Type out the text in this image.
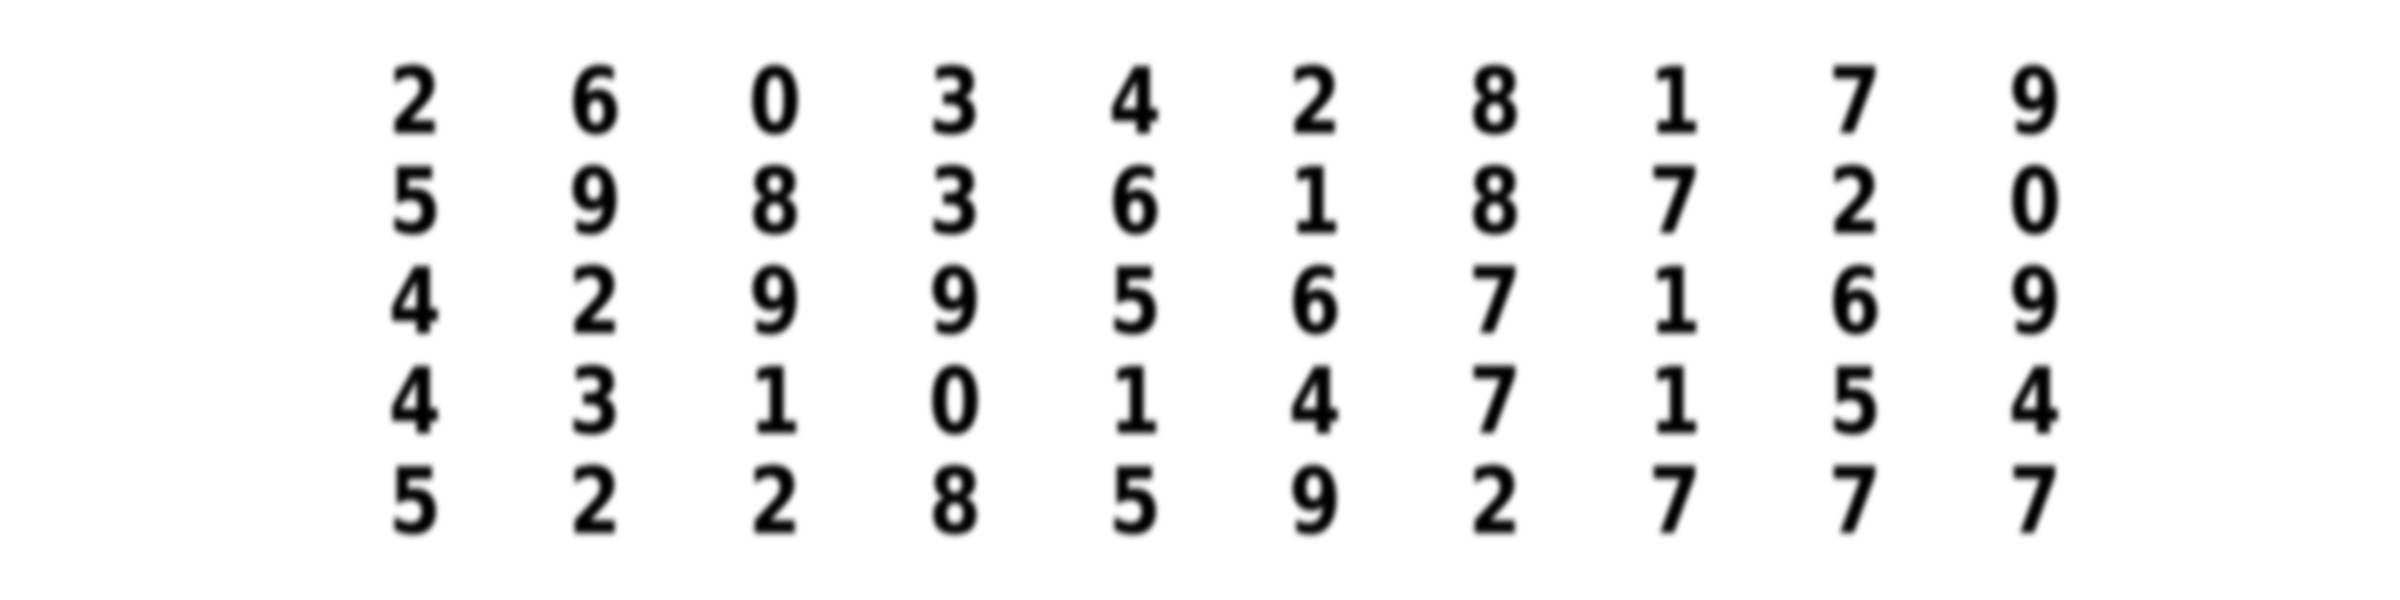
2 6 0 3 4 2 8 1 7 9
5 9 8 3 6 1 8 7 2 0
4 2 9 9 5 6 7 1 6 9
4 3 1 0 1 4 7 1 5 4
5 2 2 8 5 9 2 7 7 7
